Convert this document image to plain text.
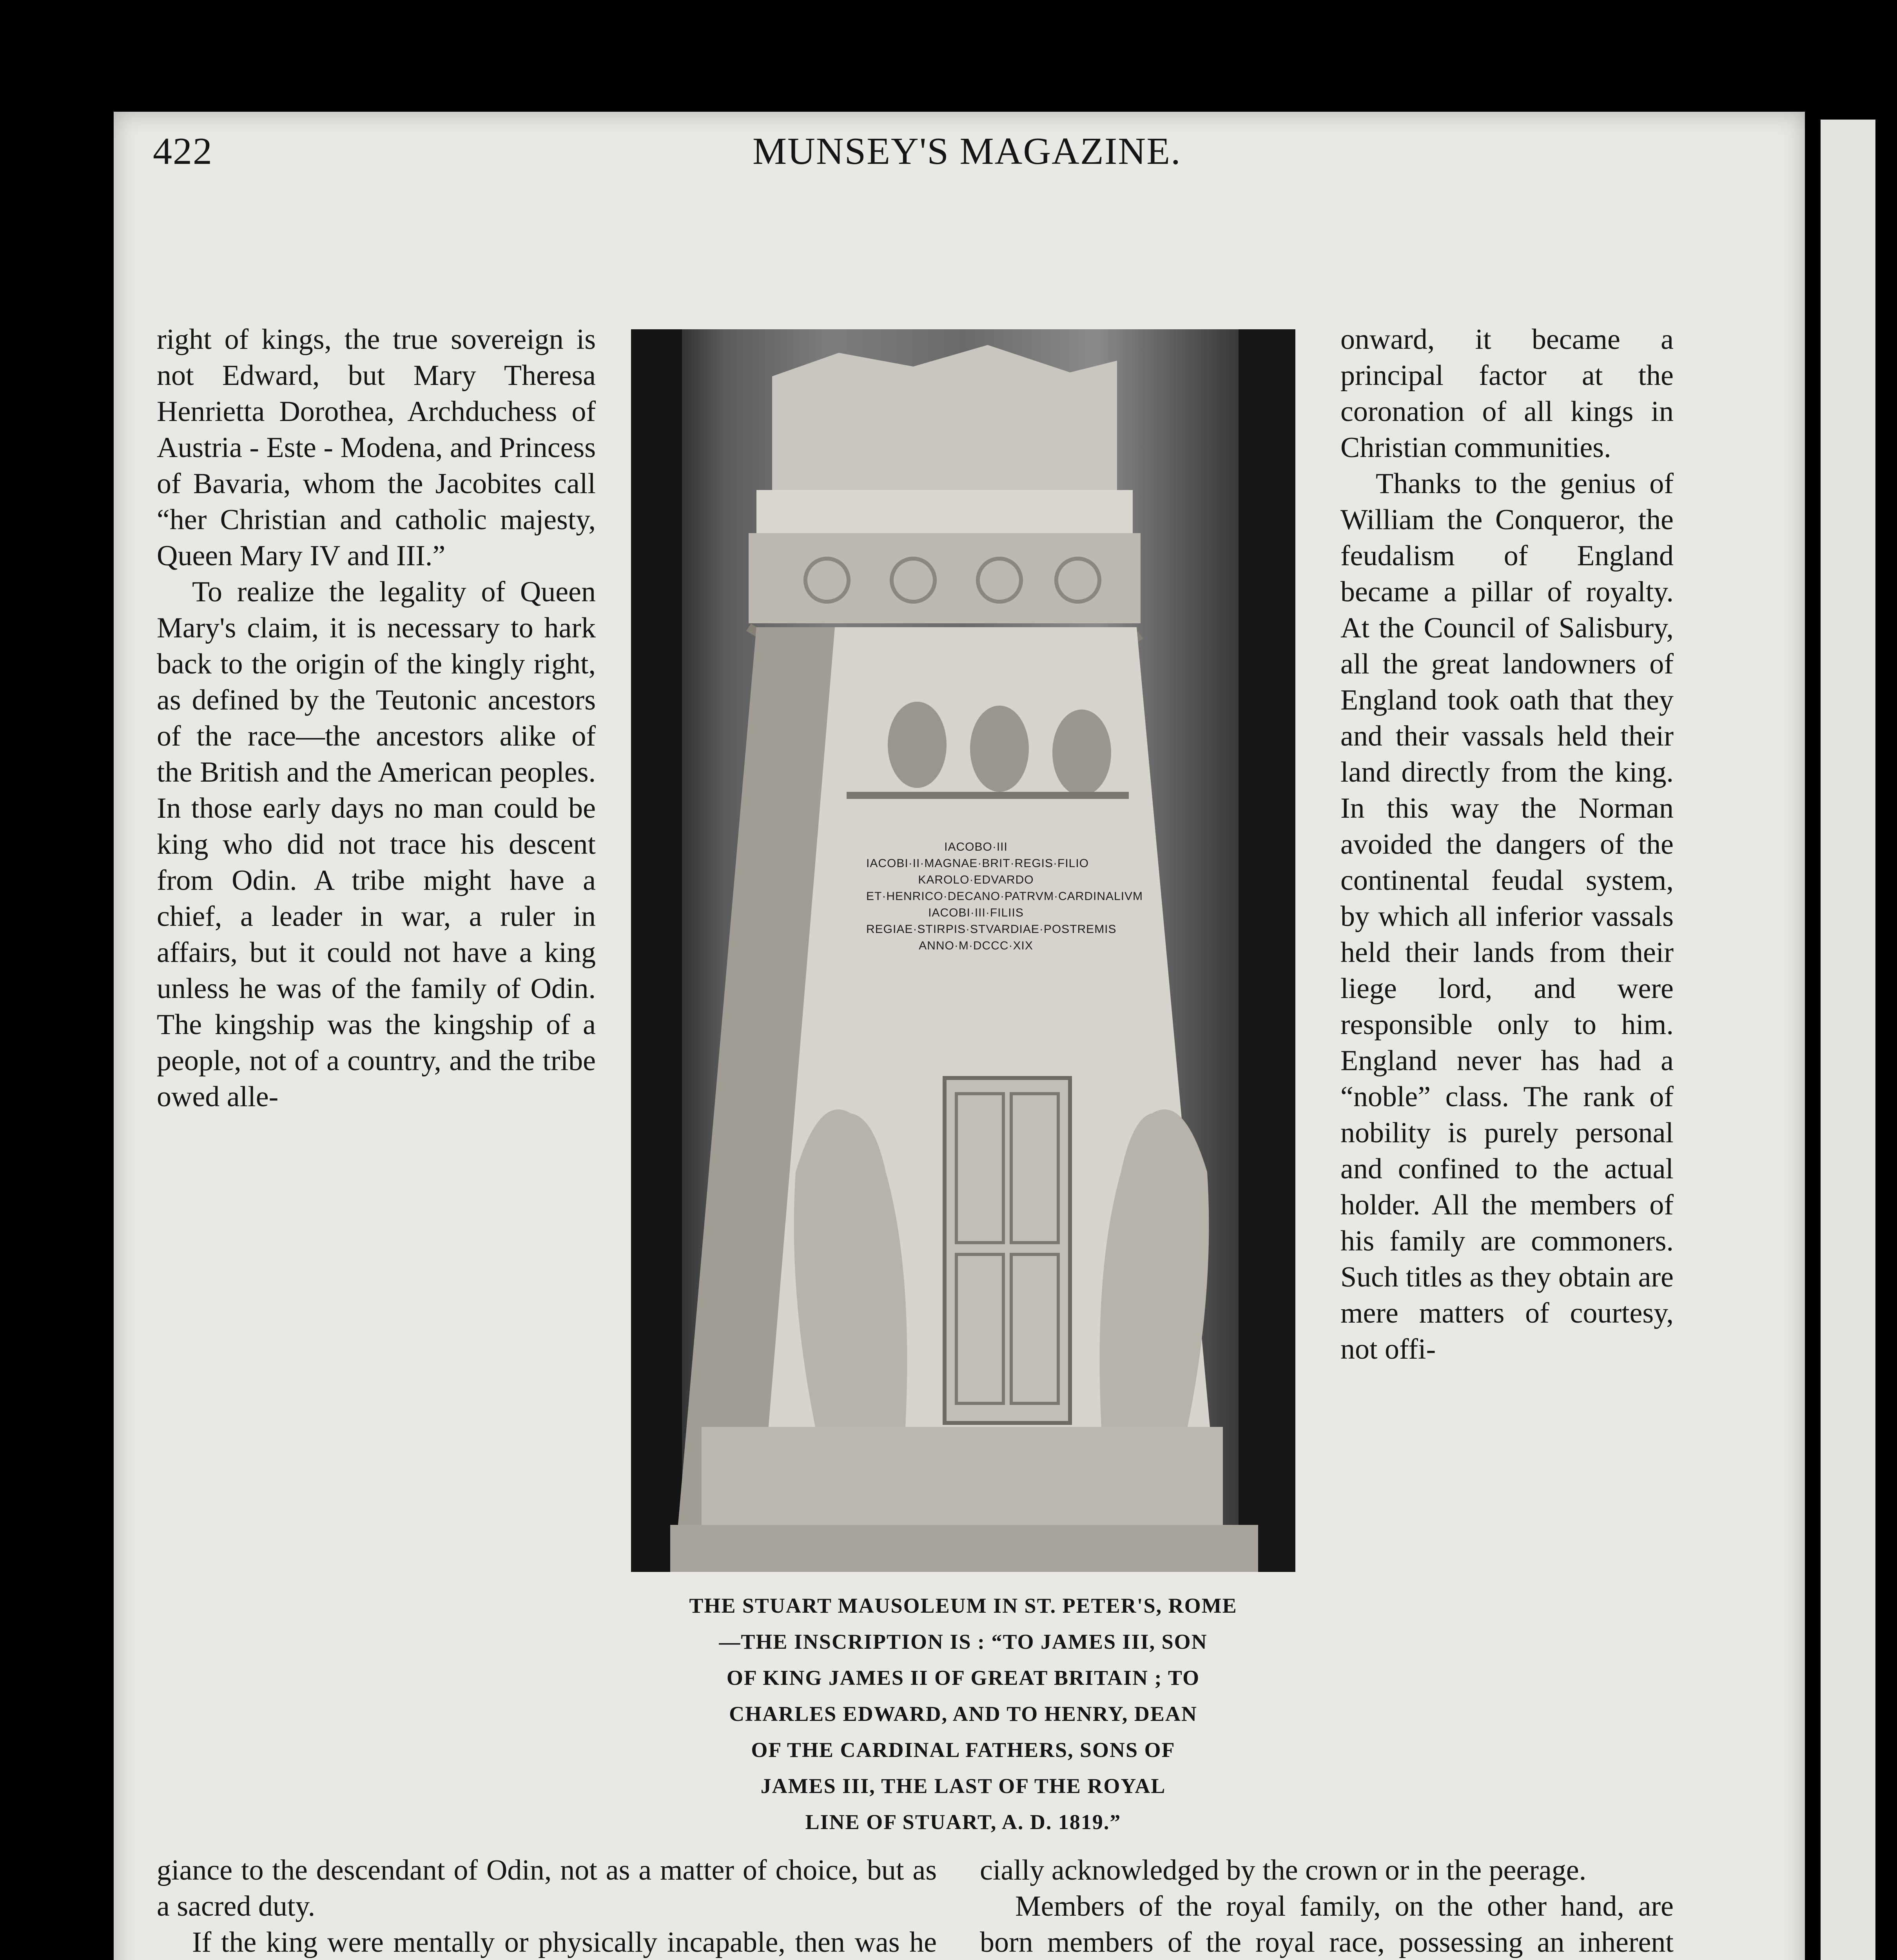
422	MUNSEY'S MAGAZINE.

right of kings, the true sovereign is not Edward, but Mary Theresa Henrietta Dorothea, Archduchess of Austria - Este - Modena, and Princess of Bavaria, whom the Jacobites call “her Christian and catholic majesty, Queen Mary IV and III.”

To realize the legality of Queen Mary's claim, it is necessary to hark back to the origin of the kingly right, as defined by the Teutonic ancestors of the race—the ancestors alike of the British and the American peoples. In those early days no man could be king who did not trace his descent from Odin. A tribe might have a chief, a leader in war, a ruler in affairs, but it could not have a king unless he was of the family of Odin. The kingship was the kingship of a people, not of a country, and the tribe owed alle-

IACOBO·III
IACOBI·II·MAGNAE·BRIT·REGIS·FILIO
KAROLO·EDVARDO
ET·HENRICO·DECANO·PATRVM·CARDINALIVM
IACOBI·III·FILIIS
REGIAE·STIRPIS·STVARDIAE·POSTREMIS
ANNO·M·DCCC·XIX
THE STUART MAUSOLEUM IN ST. PETER'S, ROME
—THE INSCRIPTION IS : “TO JAMES III, SON
OF KING JAMES II OF GREAT BRITAIN ; TO
CHARLES EDWARD, AND TO HENRY, DEAN
OF THE CARDINAL FATHERS, SONS OF
JAMES III, THE LAST OF THE ROYAL
LINE OF STUART, A. D. 1819.”

onward, it became a principal factor at the coronation of all kings in Christian communities.

Thanks to the genius of William the Conqueror, the feudalism of England became a pillar of royalty. At the Council of Salisbury, all the great landowners of England took oath that they and their vassals held their land directly from the king. In this way the Norman avoided the dangers of the continental feudal system, by which all inferior vassals held their lands from their liege lord, and were responsible only to him. England never has had a “noble” class. The rank of nobility is purely personal and confined to the actual holder. All the members of his family are commoners. Such titles as they obtain are mere matters of courtesy, not offi-

giance to the descendant of Odin, not as a matter of choice, but as a sacred duty.

If the king were mentally or physically incapable, then was he

cially acknowledged by the crown or in the peerage.

Members of the royal family, on the other hand, are born members of the royal race, possessing an inherent
